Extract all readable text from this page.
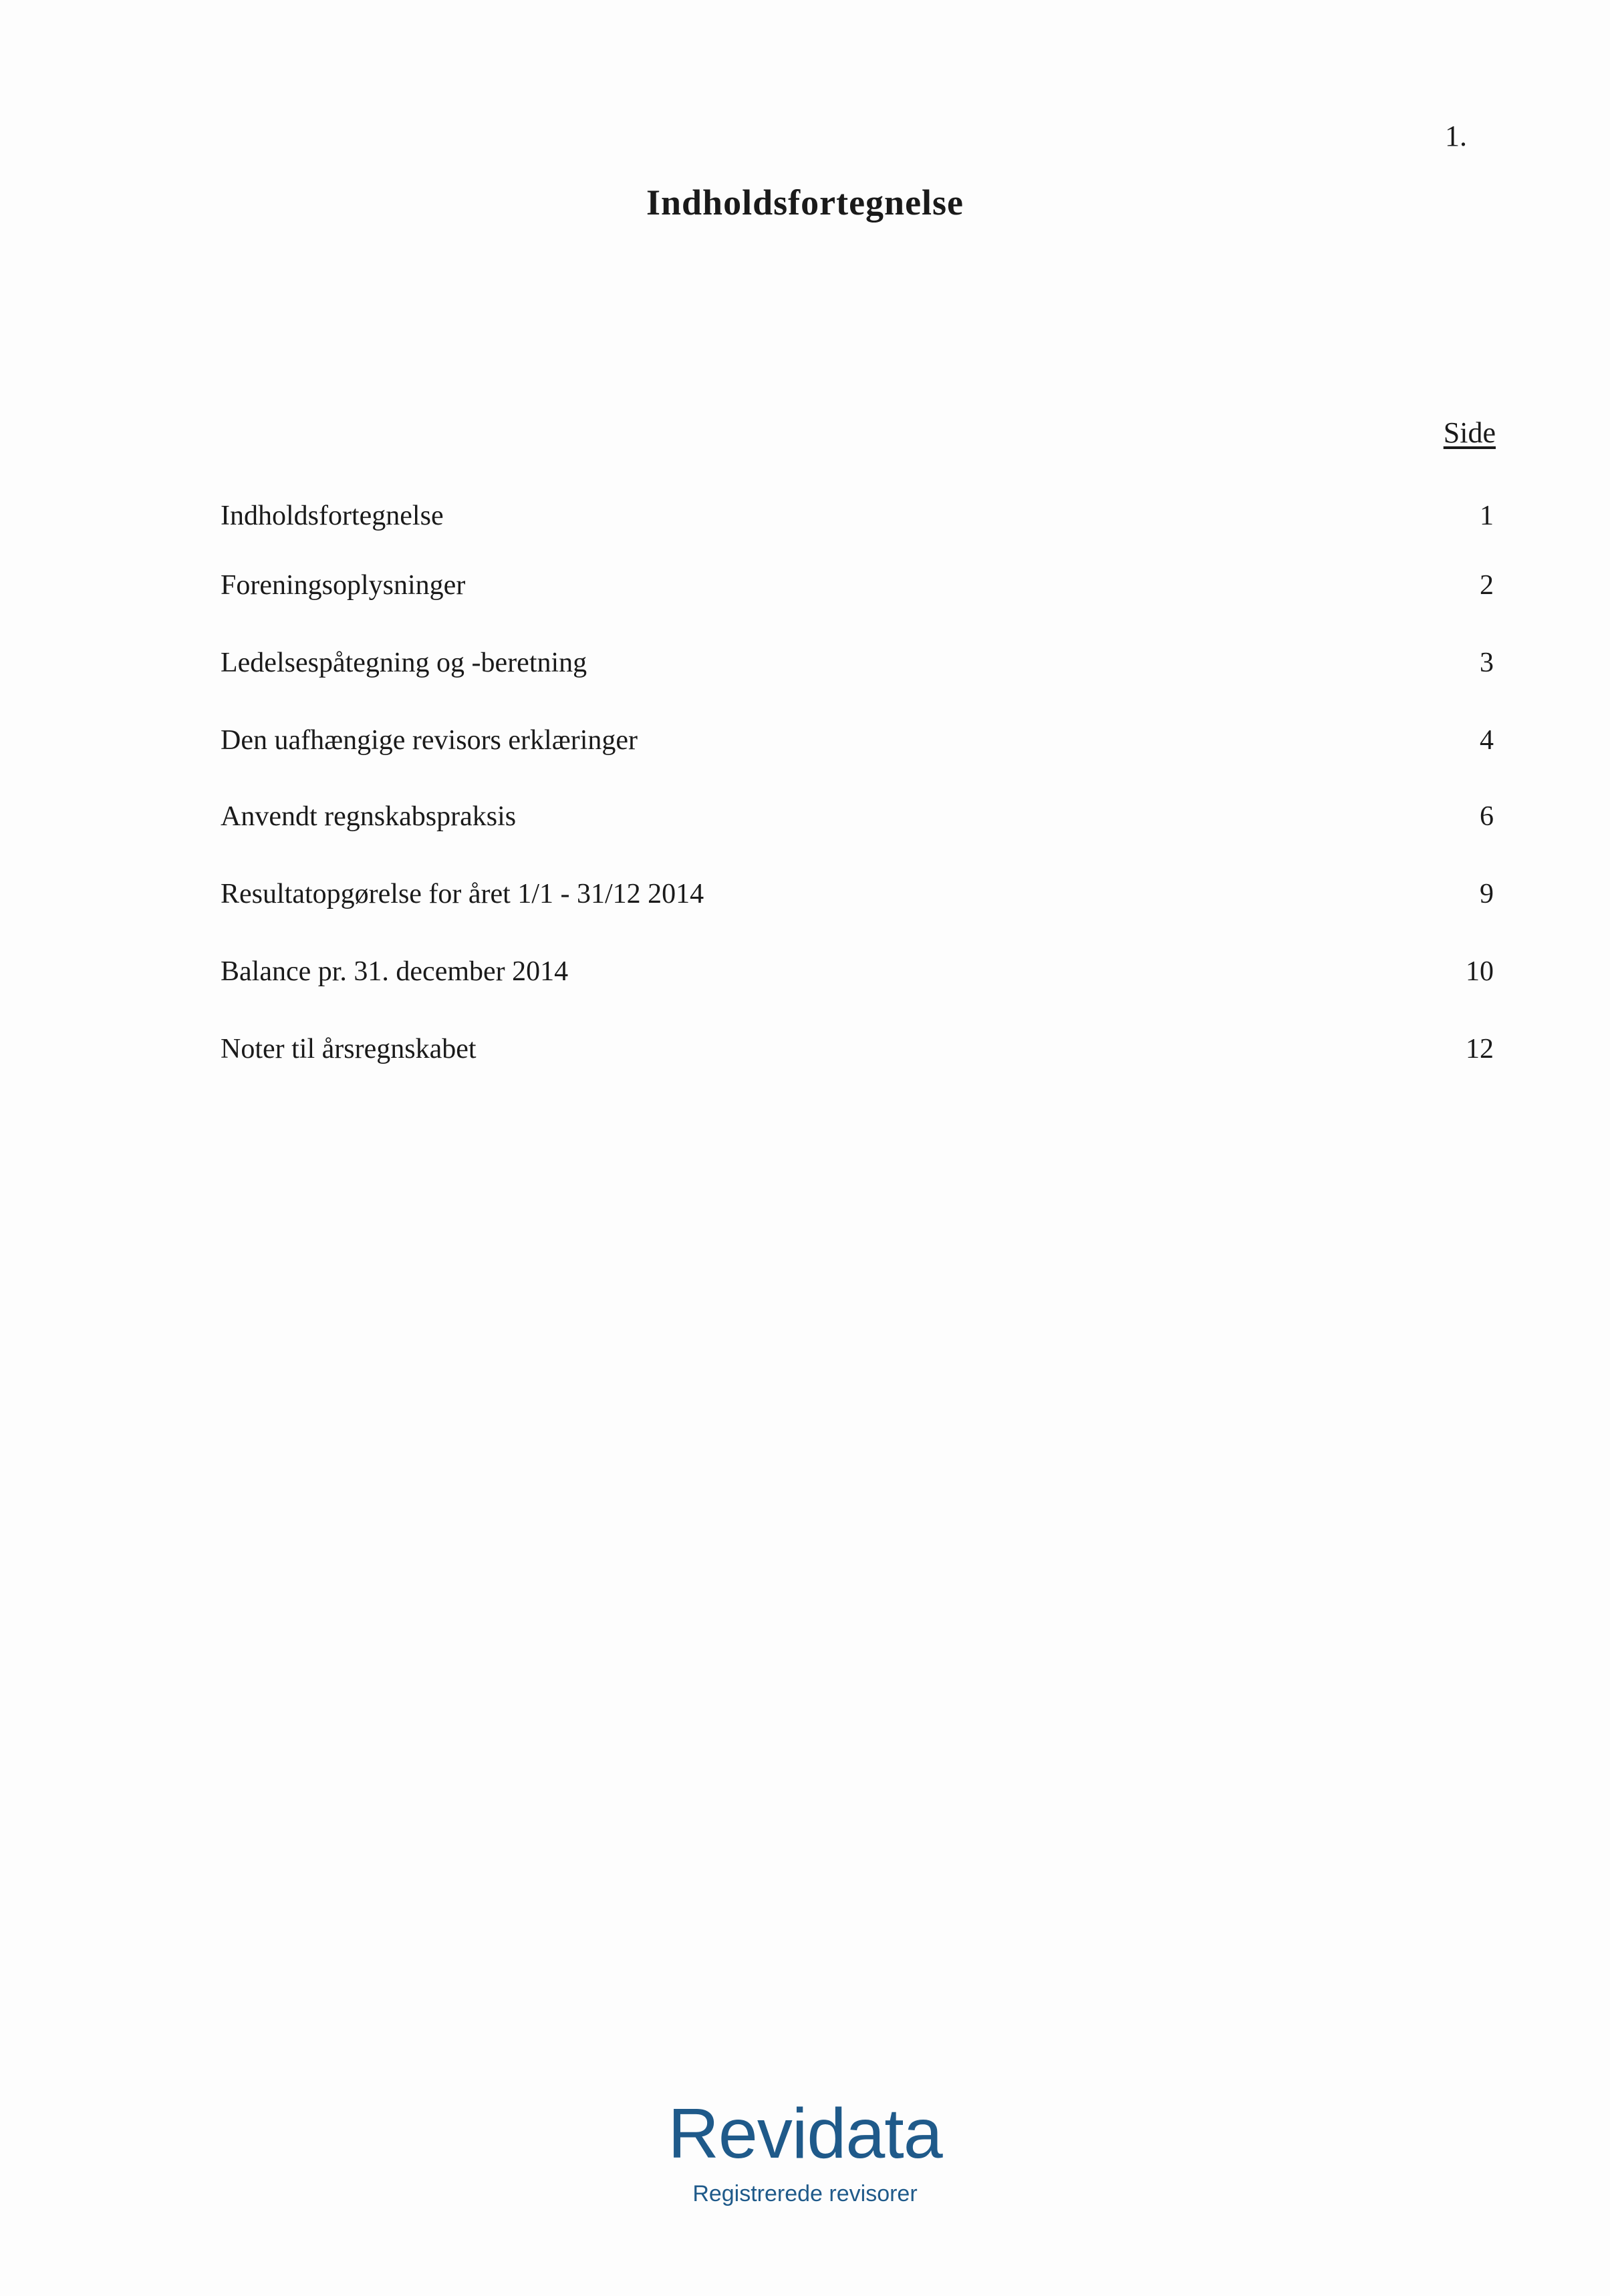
1.
Indholdsfortegnelse
Side
Indholdsfortegnelse	1
Foreningsoplysninger	2
Ledelsespåtegning og -beretning	3
Den uafhængige revisors erklæringer	4
Anvendt regnskabspraksis	6
Resultatopgørelse for året 1/1 - 31/12 2014	9
Balance pr. 31. december 2014	10
Noter til årsregnskabet	12
Revidata
Registrerede revisorer
